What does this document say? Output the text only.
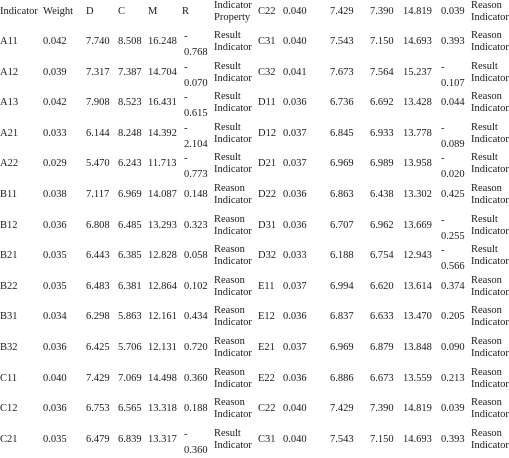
Indicator Weight D C M R
Indicator Property
C22 0.040 7.429 7.390 14.819 0.039
Reason
Indicator
A11 0.042 7.740 8.508 16.248 -
0.768
Result
Indicator
C31 0.040 7.543 7.150 14.693 0.393
Reason
Indicator
A12 0.039 7.317 7.387 14.704 -
0.070
Result
Indicator
C32 0.041 7.673 7.564 15.237 -
0.107
Result
Indicator
A13 0.042 7.908 8.523 16.431 -
0.615
Result
Indicator
D11 0.036 6.736 6.692 13.428 0.044
Reason
Indicator
A21 0.033 6.144 8.248 14.392 -
2.104
Result
Indicator
D12 0.037 6.845 6.933 13.778 -
0.089
Result
Indicator
A22 0.029 5.470 6.243 11.713 -
0.773
Result
Indicator
D21 0.037 6.969 6.989 13.958 -
0.020
Result
Indicator
B11 0.038 7.117 6.969 14.087 0.148
Reason
Indicator
D22 0.036 6.863 6.438 13.302 0.425
Reason
Indicator
B12 0.036 6.808 6.485 13.293 0.323
Reason
Indicator
D31 0.036 6.707 6.962 13.669 -
0.255
Result
Indicator
B21 0.035 6.443 6.385 12.828 0.058
Reason
Indicator
D32 0.033 6.188 6.754 12.943 -
0.566
Result
Indicator
B22 0.035 6.483 6.381 12.864 0.102
Reason
Indicator
E11 0.037 6.994 6.620 13.614 0.374
Reason
Indicator
B31 0.034 6.298 5.863 12.161 0.434
Reason
Indicator
E12 0.036 6.837 6.633 13.470 0.205
Reason
Indicator
B32 0.036 6.425 5.706 12.131 0.720
Reason
Indicator
E21 0.037 6.969 6.879 13.848 0.090
Reason
Indicator
C11 0.040 7.429 7.069 14.498 0.360
Reason
Indicator
E22 0.036 6.886 6.673 13.559 0.213
Reason
Indicator
C12 0.036 6.753 6.565 13.318 0.188
Reason
Indicator
C22 0.040 7.429 7.390 14.819 0.039
Reason
Indicator
C21 0.035 6.479 6.839 13.317 -
0.360
Result
Indicator
C31 0.040 7.543 7.150 14.693 0.393
Reason
Indicator
